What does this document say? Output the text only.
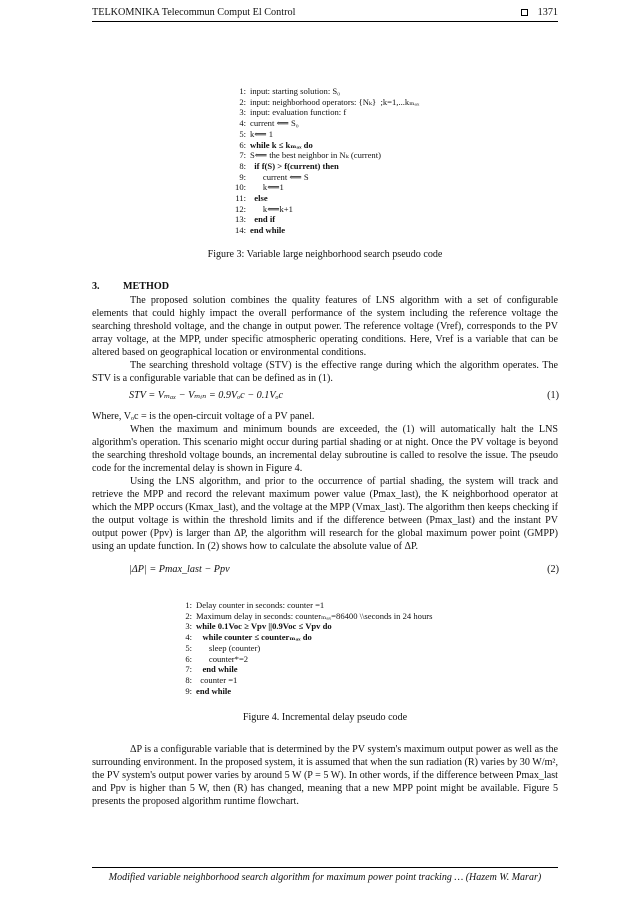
TELKOMNIKA Telecommun Comput El Control	1371
1: input: starting solution: S₀
2: input: neighborhood operators: {Nₖ}  ;k=1,...kₘₐₓ
3: input: evaluation function: f
4: current ⟸ S₀
5: k⟸ 1
6: while k ≤ kₘₐₓ do
7: S⟸ the best neighbor in Nₖ (current)
8:  if f(S) > f(current) then
9:      current ⟸ S
10:      k⟸1
11:  else
12:      k⟸k+1
13:  end if
14: end while
Figure 3: Variable large neighborhood search pseudo code
3. METHOD

The proposed solution combines the quality features of LNS algorithm with a set of configurable elements that could highly impact the overall performance of the system including the reference voltage the searching threshold voltage, and the change in output power. The reference voltage (Vref), corresponds to the PV array voltage, at the MPP, under specific atmospheric operating conditions. Here, Vref is a variable that can be altered based on geographical location or environmental conditions.

The searching threshold voltage (STV) is the effective range during which the algorithm operates. The STV is a configurable variable that can be defined as in (1).

STV = Vₘₐₓ − Vₘᵢₙ = 0.9Vₒc − 0.1Vₒc	(1)

Where, Vₒc = is the open-circuit voltage of a PV panel.

When the maximum and minimum bounds are exceeded, the (1) will automatically halt the LNS algorithm's operation. This scenario might occur during partial shading or at night. Once the PV voltage is beyond the searching threshold voltage bounds, an incremental delay subroutine is called to resolve the issue. The pseudo code for the incremental delay is shown in Figure 4.

Using the LNS algorithm, and prior to the occurrence of partial shading, the system will track and retrieve the MPP and record the relevant maximum power value (Pmax_last), the K neighborhood operator at which the MPP occurs (Kmax_last), and the voltage at the MPP (Vmax_last). The algorithm then keeps checking if the output voltage is within the threshold limits and if the difference between (Pmax_last) and the instant PV output power (Ppv) is larger than ΔP, the algorithm will research for the global maximum power point (GMPP) using an update function. In (2) shows how to calculate the absolute value of ΔP.

|ΔP| = Pmax_last − Ppv	(2)
1: Delay counter in seconds: counter =1
2: Maximum delay in seconds: counterₘₐₓ=86400 \\seconds in 24 hours
3: while 0.1Voc ≥ Vpv ||0.9Voc ≤ Vpv do
4:   while counter ≤ counterₘₐₓ do
5:      sleep (counter)
6:      counter*=2
7:   end while
8:  counter =1
9: end while
Figure 4. Incremental delay pseudo code

ΔP is a configurable variable that is determined by the PV system's maximum output power as well as the surrounding environment. In the proposed system, it is assumed that when the sun radiation (R) varies by 30 W/m², the PV system's output power varies by around 5 W (P = 5 W). In other words, if the difference between Pmax_last and Ppv is higher than 5 W, then (R) has changed, meaning that a new MPP point might be available. Figure 5 presents the proposed algorithm runtime flowchart.

Modified variable neighborhood search algorithm for maximum power point tracking … (Hazem W. Marar)
